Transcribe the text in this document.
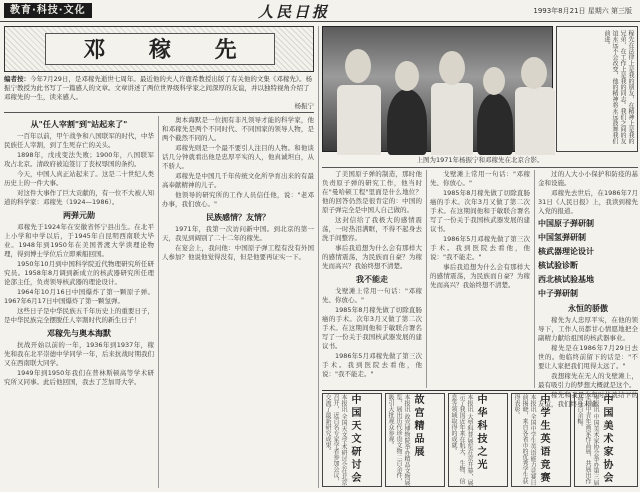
教育·科技·文化	人民日报	1993年8月21日 星期六 第三版
邓 稼 先
编者按：今年7月29日，是邓稼先逝世七周年。最近他的夫人许鹿希教授出版了有关他的文集《邓稼先》。杨振宁教授为此书写了一篇感人的文章。文章讲述了两位世界级科学家之间深厚的友谊，并以独特视角介绍了邓稼先的一生，读来感人。
杨振宁

从"任人宰割"到"站起来了"

一百年以前，甲午战争和八国联军的时代，中华民族任人宰割，到了生死存亡的关头。

1898年，戊戌变法失败；1900年，八国联军攻占北京。清政府被迫签订了丧权辱国的条约。

今天，中国人真正站起来了。这是二十世纪人类历史上的一件大事。

对这件大事作了巨大贡献的，有一位不大被人知道的科学家：邓稼先（1924—1986）。

两弹元勋

邓稼先于1924年在安徽省怀宁县出生。在北平上小学和中学以后，于1945年自昆明西南联大毕业。1948年到1950年在美国普渡大学读理论物理，得到博士学位后立即乘船回国。

1950年10月到中国科学院近代物理研究所任研究员。1958年8月调到新成立的核武器研究所任理论部主任，负责领导核武器的理论设计。

1964年10月16日中国爆炸了第一颗原子弹。1967年6月17日中国爆炸了第一颗氢弹。

这些日子是中华民族五千年历史上的重要日子，是中华民族完全摆脱任人宰割时代的新生日子！

邓稼先与奥本海默

抗战开始以前的一年，1936年到1937年，稼先和我在北平崇德中学同学一年，后来抗战时期我们又在西南联大同学。

1949年到1950年我们在普林斯顿高等学术研究所又同事。此后他回国，我去了芝加哥大学。

奥本海默是一位拥有非凡领导才能的科学家，他和邓稼先是两个不同时代、不同国家的领导人物，是两个截然不同的人。

邓稼先则是一个最不要引人注目的人物。和他谈话几分钟就看出他是忠厚平实的人，他真诚坦白，从不骄人。

邓稼先是中国几千年传统文化所孕育出来的有最高奉献精神的儿子。

他领导的研究所的工作人员信任他，说："老邓办事，我们放心。"

民族感情？友情？

1971年，我第一次访问新中国。到北京的第一天，我见到阔别了二十二年的稼先。

在宴会上，我问他：中国原子弹工程有没有外国人参加？他说他觉得没有，但是他要再证实一下。

稼先在法律上是我的朋友，在精神上是我的兄弟，在工作上是我的同志。我们之间的友谊永远不会改变，他的精神将永远鼓舞我们前进。
上图为1971年杨振宁和邓稼先在北京合影。

了美国原子弹的制造，那时他负责原子弹的研究工作，他当时在"曼哈顿工程"里面是什么地位？他的回答仍然是很肯定的：中国的原子弹完全是中国人自己做的。

这封信给了我极大的感情震荡，一时热泪满眶，不得不起身去洗手间整容。

事后我追想为什么会有那样大的感情震荡，为民族而自豪？为稼先而高兴？我始终想不清楚。

我不能走

戈壁滩上常用一句话："邓稼先、你放心。"

1985年8月稼先做了切除直肠癌的手术。次年3月又做了第二次手术。在这期间他和于敏联合署名写了一份关于我国核武器发展的建议书。

1986年5月邓稼先做了第三次手术。我到医院去看他，他说："我不能走。"

戈壁滩上常用一句话："邓稼先、你放心。"

1985年8月稼先做了切除直肠癌的手术。次年3月又做了第二次手术。在这期间他和于敏联合署名写了一份关于我国核武器发展的建议书。

1986年5月邓稼先做了第三次手术。我到医院去看他，他说："我不能走。"

事后我追想为什么会有那样大的感情震荡，为民族而自豪？为稼先而高兴？我始终想不清楚。

过的人大小小保护和防疫的基金和设施。

邓稼先去世后，在1986年7月31日《人民日报》上，我读到稼先入党的报道。

中国原子弹研制

中国氢弹研制

核武器理论设计

核试验诊断

西北核试验基地

中子弹研制

永恒的骄傲

稼先为人忠厚平实，在他的领导下，工作人员都甘心情愿地把全副精力献给祖国的核武器事业。

稼先是在1986年7月29日去世的。他临终前留下的话是："不要让人家把我们甩得太远了。"

我想稼先在无人的戈壁滩上，最有吸引力的梦想大概就是这个。

稼先和我是少年时代就结下的友谊，我们终身未渝。

本报讯 全国天文学术研讨会在北京召开，近百名专家学者参加会议，交流了最新研究成果。	中国天文研讨会	本报讯 故宫博物院举办精品文物展览，展出历代珍贵文物二百余件，吸引大批观众参观。	故宫精品展	本报讯 大型科普展览在京开幕，展示了我国近年来在航天、生物、信息等领域取得的成就。	中华科技之光	本报讯 全国中学生英语能力竞赛日前揭晓，来自各省市的优秀学生获得表彰。	中学生英语竞赛	本报讯 中国美术家协会举办第三届全国中青年画家作品展，共展出作品三百余幅。	中国美术家协会
